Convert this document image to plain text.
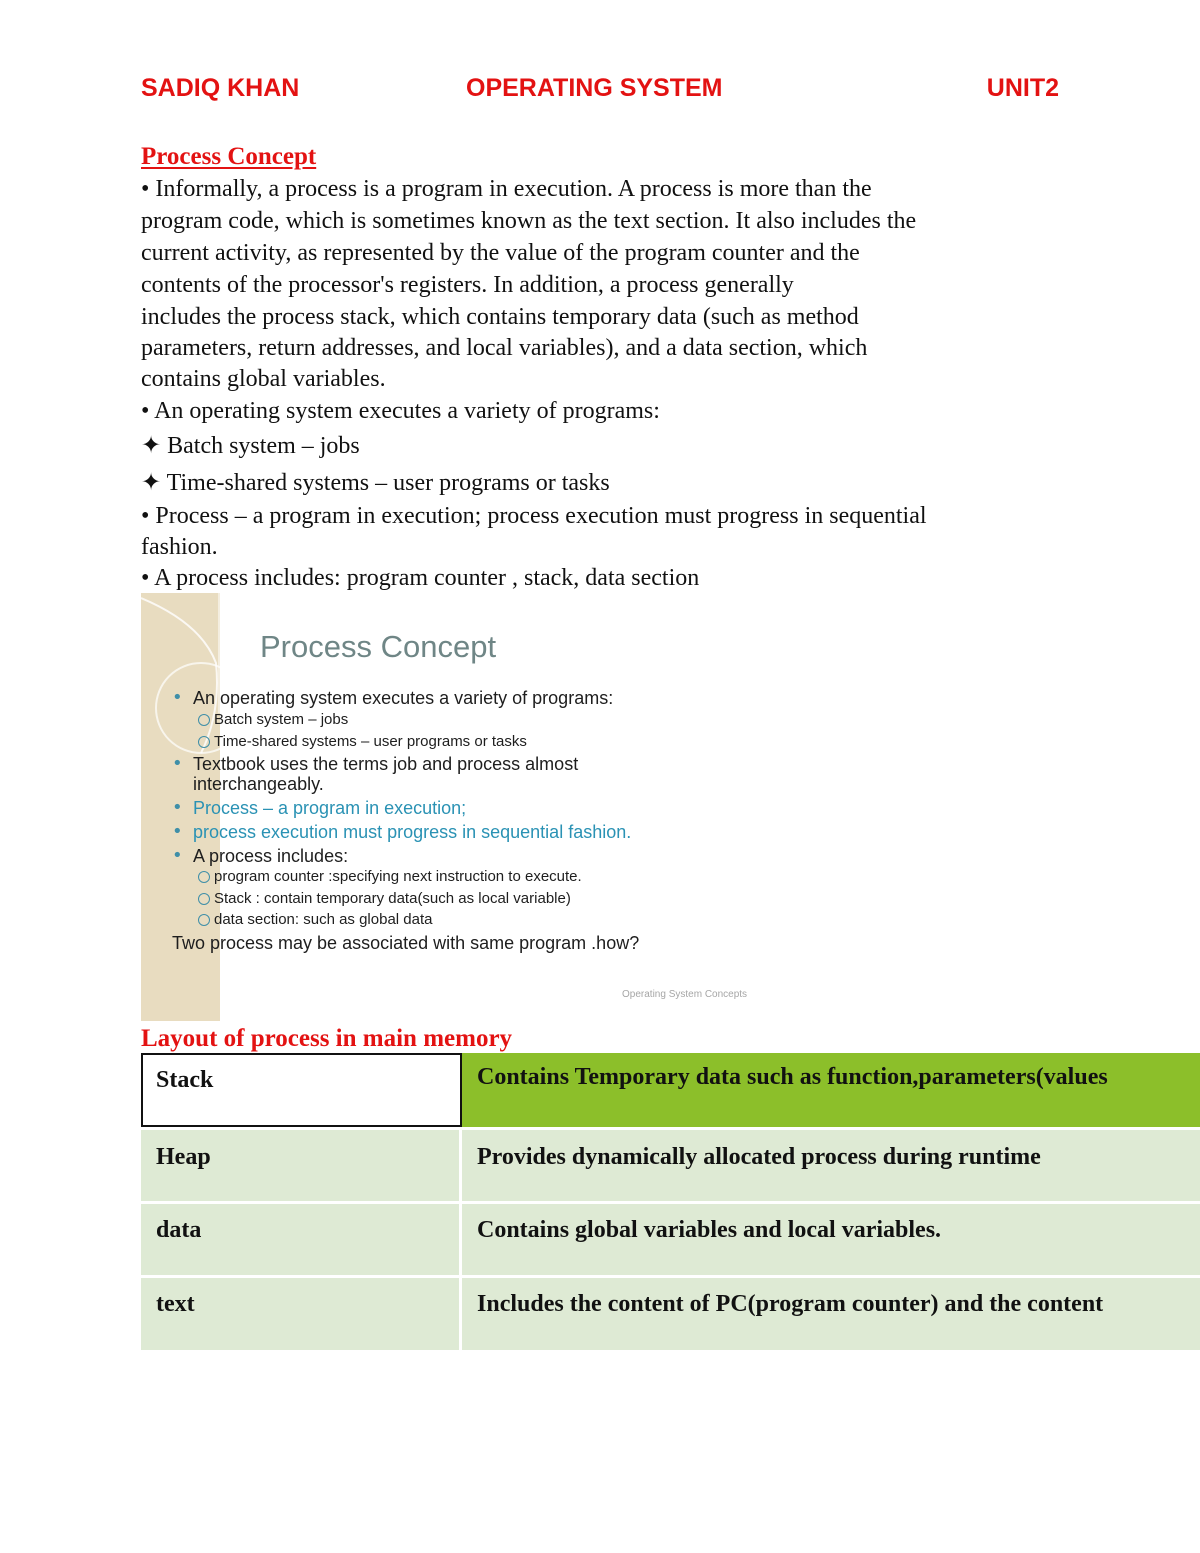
SADIQ KHAN	OPERATING SYSTEM	UNIT2
Process Concept
• Informally, a process is a program in execution. A process is more than the
program code, which is sometimes known as the text section. It also includes the
current activity, as represented by the value of the program counter and the
contents of the processor's registers. In addition, a process generally
includes the process stack, which contains temporary data (such as method
parameters, return addresses, and local variables), and a data section, which
contains global variables.
• An operating system executes a variety of programs:
✦ Batch system – jobs
✦ Time-shared systems – user programs or tasks
• Process – a program in execution; process execution must progress in sequential
fashion.
• A process includes: program counter , stack, data section
Process Concept
• An operating system executes a variety of programs:
Batch system – jobs
Time-shared systems – user programs or tasks
• Textbook uses the terms job and process almost
interchangeably.
• Process – a program in execution;
• process execution must progress in sequential fashion.
• A process includes:
program counter :specifying next instruction to execute.
Stack : contain temporary data(such as local variable)
data section: such as global data
Two process may be associated with same program .how?
Operating System Concepts
Layout of process in main memory
Stack	Contains Temporary data such as function,parameters(values
Heap	Provides dynamically allocated process during runtime
data	Contains global variables and local variables.
text	Includes the content of PC(program counter) and the content
